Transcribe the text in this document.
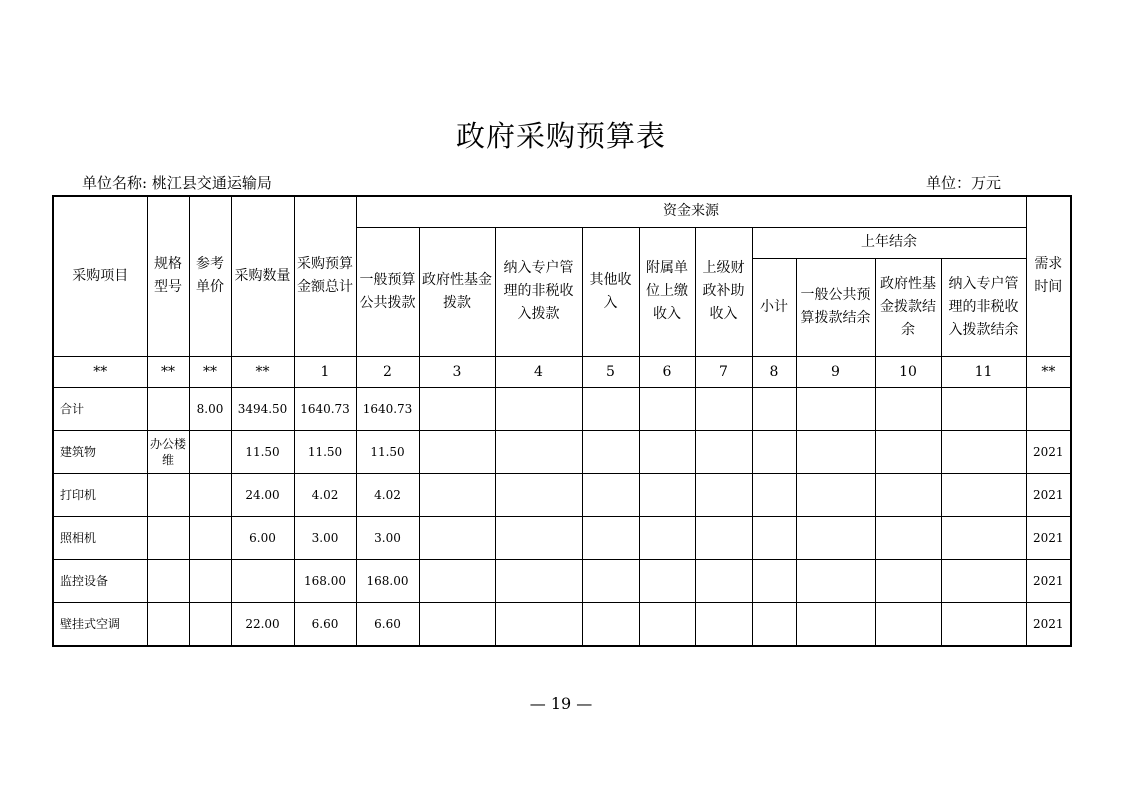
政府采购预算表
单位名称: 桃江县交通运输局	单位：万元
采购项目	规格型号	参考单价	采购数量	采购预算金额总计	资金来源										需求时间
					一般预算公共拨款	政府性基金拨款	纳入专户管理的非税收入拨款	其他收入	附属单位上缴收入	上级财政补助收入	上年结余				
											小计	一般公共预算拨款结余	政府性基金拨款结余	纳入专户管理的非税收入拨款结余	
**	**	**	**	1	2	3	4	5	6	7	8	9	10	11	**
合计		8.00	3494.50	1640.73	1640.73										
建筑物	办公楼维		11.50	11.50	11.50										2021
打印机			24.00	4.02	4.02										2021
照相机			6.00	3.00	3.00										2021
监控设备				168.00	168.00										2021
壁挂式空调			22.00	6.60	6.60										2021
— 19 —
